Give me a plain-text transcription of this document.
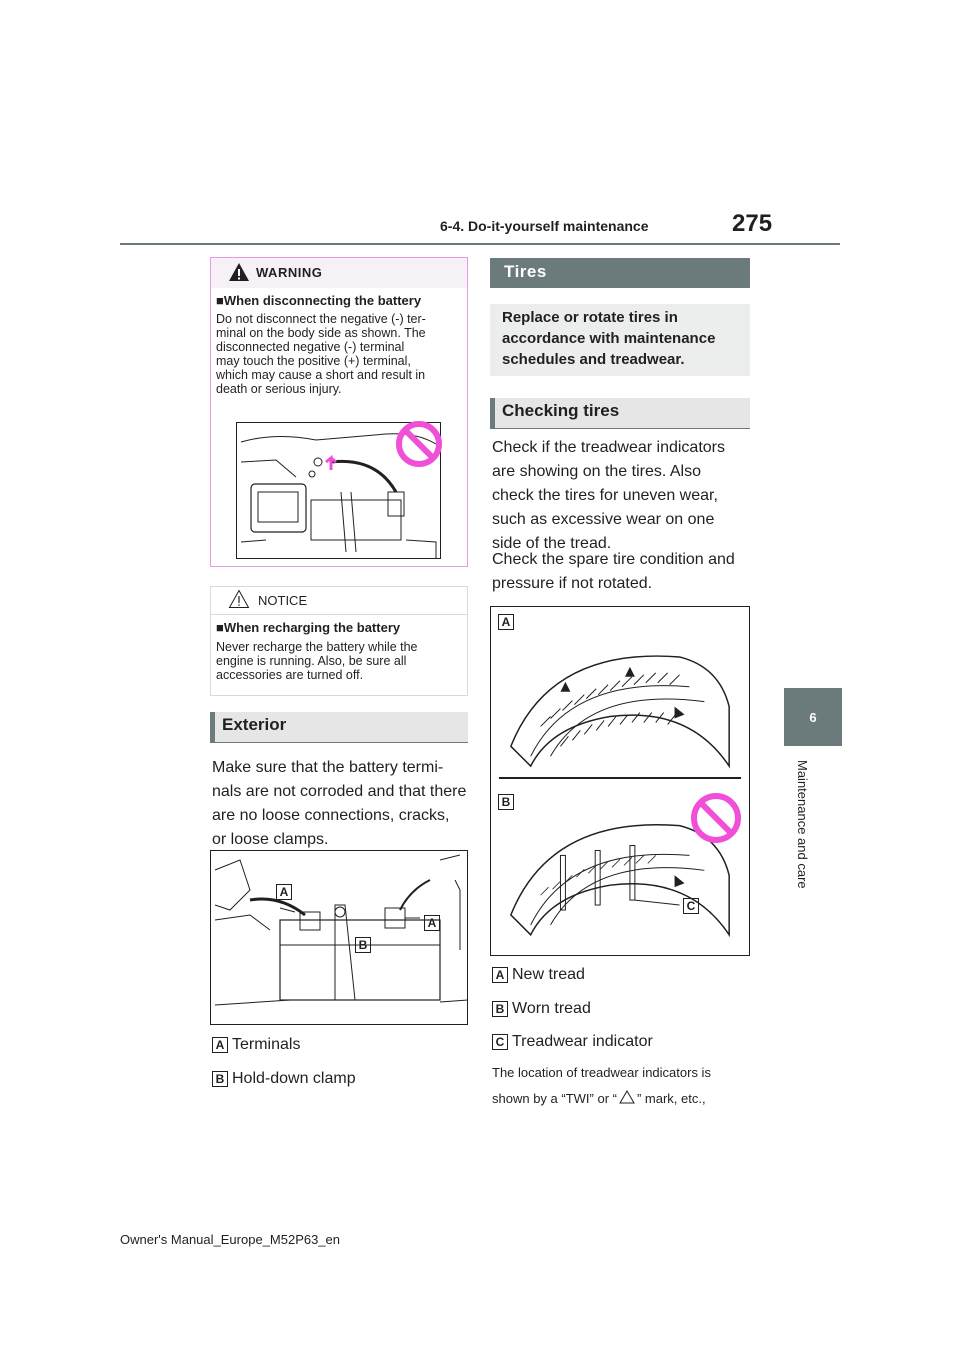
6-4. Do-it-yourself maintenance	275
6
Maintenance and care
WARNING
■When disconnecting the battery
Do not disconnect the negative (-) ter-
minal on the body side as shown. The
disconnected negative (-) terminal
may touch the positive (+) terminal,
which may cause a short and result in
death or serious injury.
NOTICE
■When recharging the battery
Never recharge the battery while the
engine is running. Also, be sure all
accessories are turned off.
Exterior
Make sure that the battery termi-
nals are not corroded and that there
are no loose connections, cracks,
or loose clamps.
A
A
B
A Terminals
B Hold-down clamp
Tires
Replace or rotate tires in
accordance with maintenance
schedules and treadwear.
Checking tires
Check if the treadwear indicators
are showing on the tires. Also
check the tires for uneven wear,
such as excessive wear on one
side of the tread.
Check the spare tire condition and
pressure if not rotated.
A
B
C
A New tread
B Worn tread
C Treadwear indicator
The location of treadwear indicators is
shown by a “TWI” or “ ” mark, etc.,
Owner's Manual_Europe_M52P63_en
